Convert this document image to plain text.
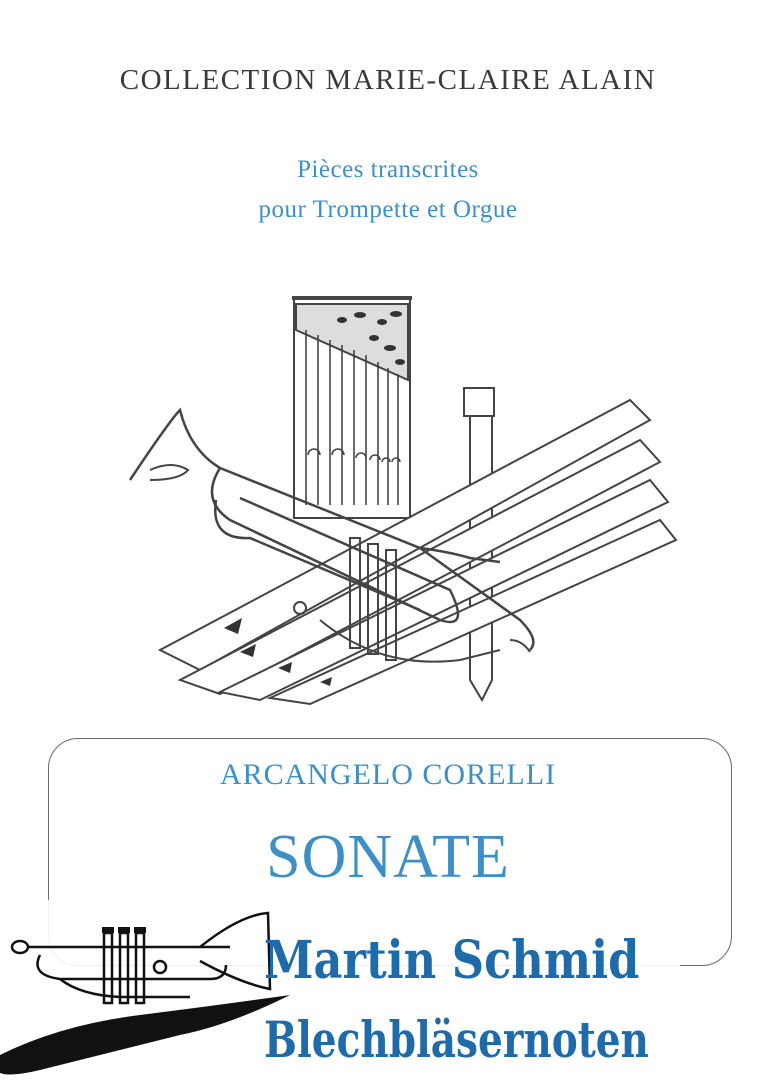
COLLECTION MARIE-CLAIRE ALAIN
Pièces transcrites
pour Trompette et Orgue
ARCANGELO CORELLI
SONATE
Martin Schmid
Blechbläsernoten
